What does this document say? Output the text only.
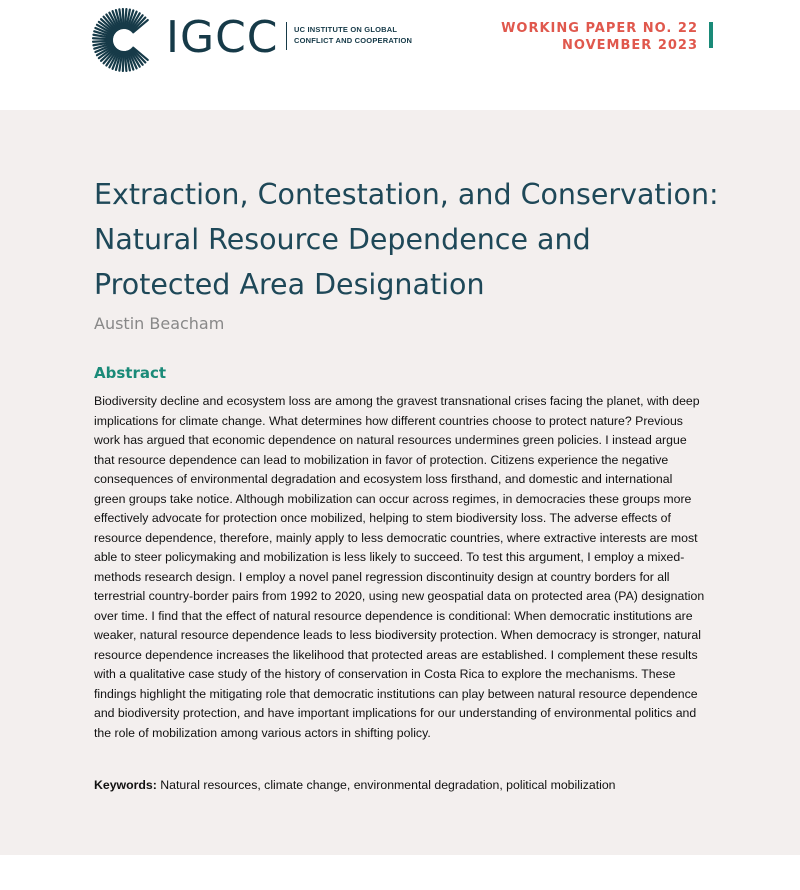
IGCC UC INSTITUTE ON GLOBAL
CONFLICT AND COOPERATION
WORKING PAPER NO. 22
NOVEMBER 2023
Extraction, Contestation, and Conservation:
Natural Resource Dependence and
Protected Area Designation
Austin Beacham
Abstract
Biodiversity decline and ecosystem loss are among the gravest transnational crises facing the planet, with deep implications for climate change. What determines how different countries choose to protect nature? Previous work has argued that economic dependence on natural resources undermines green policies. I instead argue that resource dependence can lead to mobilization in favor of protection. Citizens experience the negative consequences of environmental degradation and ecosystem loss firsthand, and domestic and international green groups take notice. Although mobilization can occur across regimes, in democracies these groups more effectively advocate for protection once mobilized, helping to stem biodiversity loss. The adverse effects of resource dependence, therefore, mainly apply to less democratic countries, where extractive interests are most able to steer policymaking and mobilization is less likely to succeed. To test this argument, I employ a mixed-methods research design. I employ a novel panel regression discontinuity design at country borders for all terrestrial country-border pairs from 1992 to 2020, using new geospatial data on protected area (PA) designation over time. I find that the effect of natural resource dependence is conditional: When democratic institutions are weaker, natural resource dependence leads to less biodiversity protection. When democracy is stronger, natural resource dependence increases the likelihood that protected areas are established. I complement these results with a qualitative case study of the history of conservation in Costa Rica to explore the mechanisms. These findings highlight the mitigating role that democratic institutions can play between natural resource dependence and biodiversity protection, and have important implications for our understanding of environmental politics and the role of mobilization among various actors in shifting policy.
Keywords: Natural resources, climate change, environmental degradation, political mobilization
